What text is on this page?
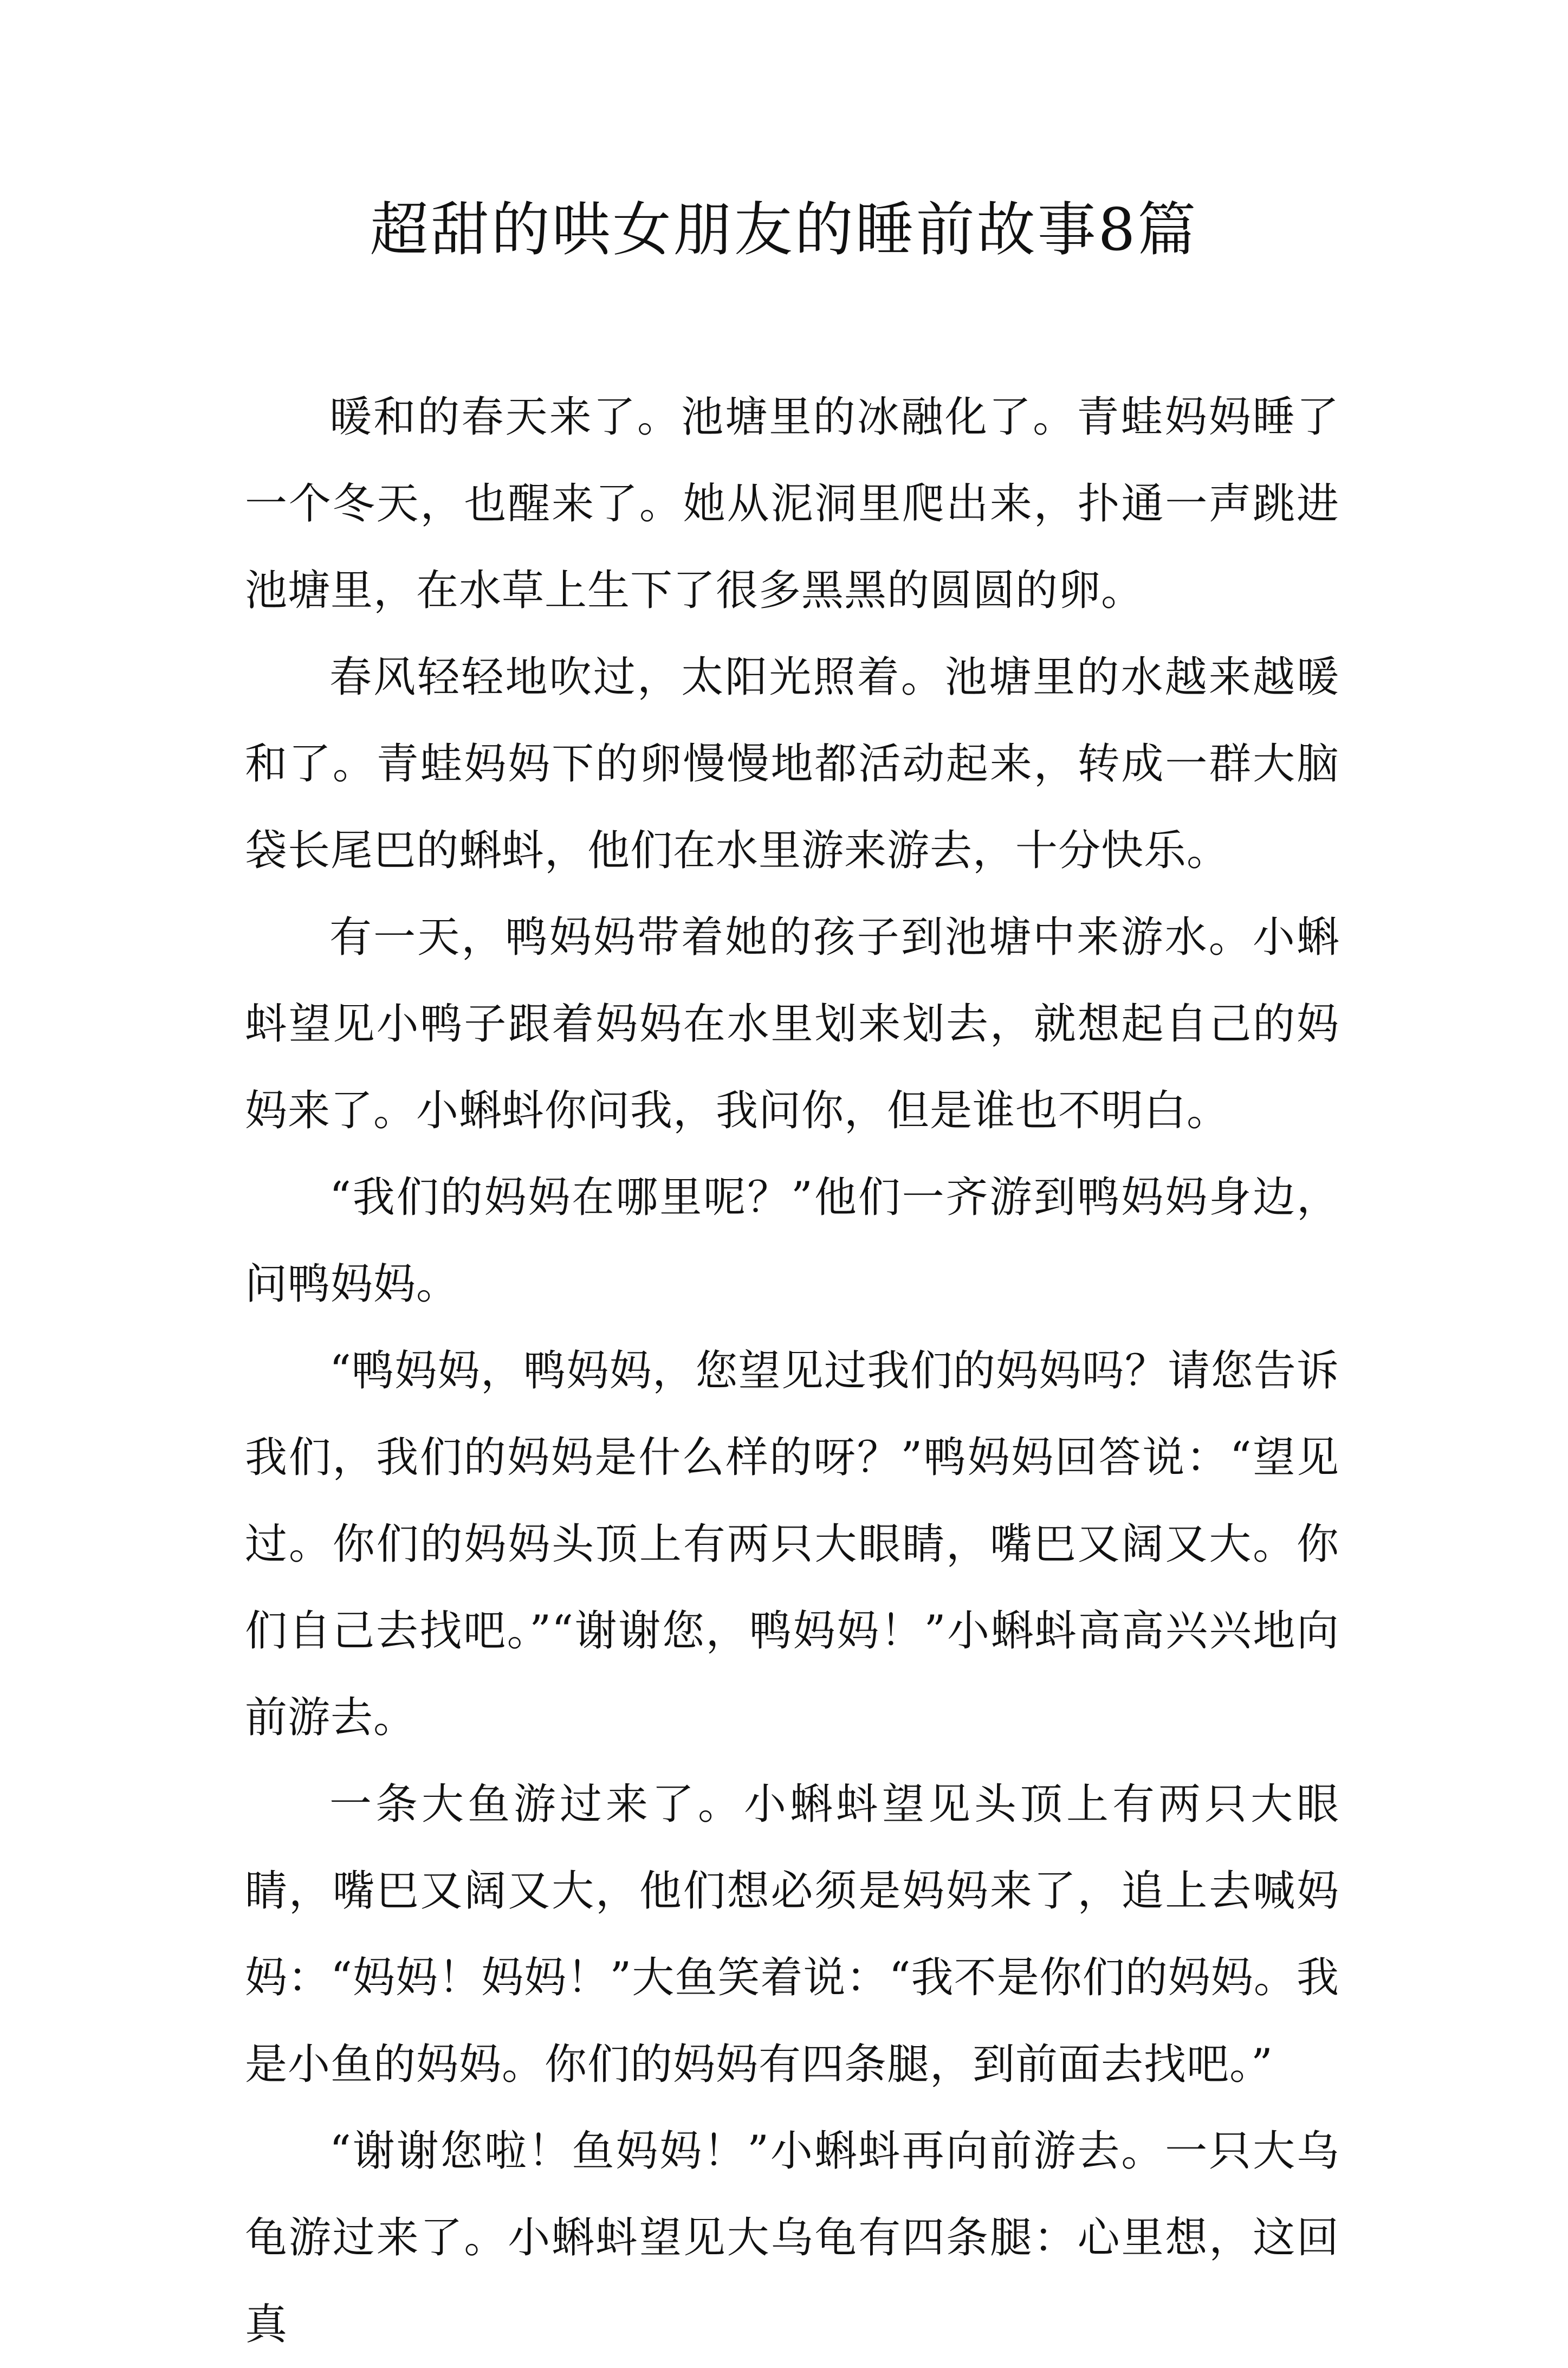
超甜的哄女朋友的睡前故事8篇

暖和的春天来了。池塘里的冰融化了。青蛙妈妈睡了一个冬天，也醒来了。她从泥洞里爬出来，扑通一声跳进池塘里，在水草上生下了很多黑黑的圆圆的卵。

春风轻轻地吹过，太阳光照着。池塘里的水越来越暖和了。青蛙妈妈下的卵慢慢地都活动起来，转成一群大脑袋长尾巴的蝌蚪，他们在水里游来游去，十分快乐。

有一天，鸭妈妈带着她的孩子到池塘中来游水。小蝌蚪望见小鸭子跟着妈妈在水里划来划去，就想起自己的妈妈来了。小蝌蚪你问我，我问你，但是谁也不明白。

“我们的妈妈在哪里呢？”他们一齐游到鸭妈妈身边，问鸭妈妈。

“鸭妈妈，鸭妈妈，您望见过我们的妈妈吗？请您告诉我们，我们的妈妈是什么样的呀？”鸭妈妈回答说：“望见过。你们的妈妈头顶上有两只大眼睛，嘴巴又阔又大。你们自己去找吧。”“谢谢您，鸭妈妈！”小蝌蚪高高兴兴地向前游去。

一条大鱼游过来了。小蝌蚪望见头顶上有两只大眼睛，嘴巴又阔又大，他们想必须是妈妈来了，追上去喊妈妈：“妈妈！妈妈！”大鱼笑着说：“我不是你们的妈妈。我是小鱼的妈妈。你们的妈妈有四条腿，到前面去找吧。”

“谢谢您啦！鱼妈妈！”小蝌蚪再向前游去。一只大乌龟游过来了。小蝌蚪望见大乌龟有四条腿：心里想，这回真
